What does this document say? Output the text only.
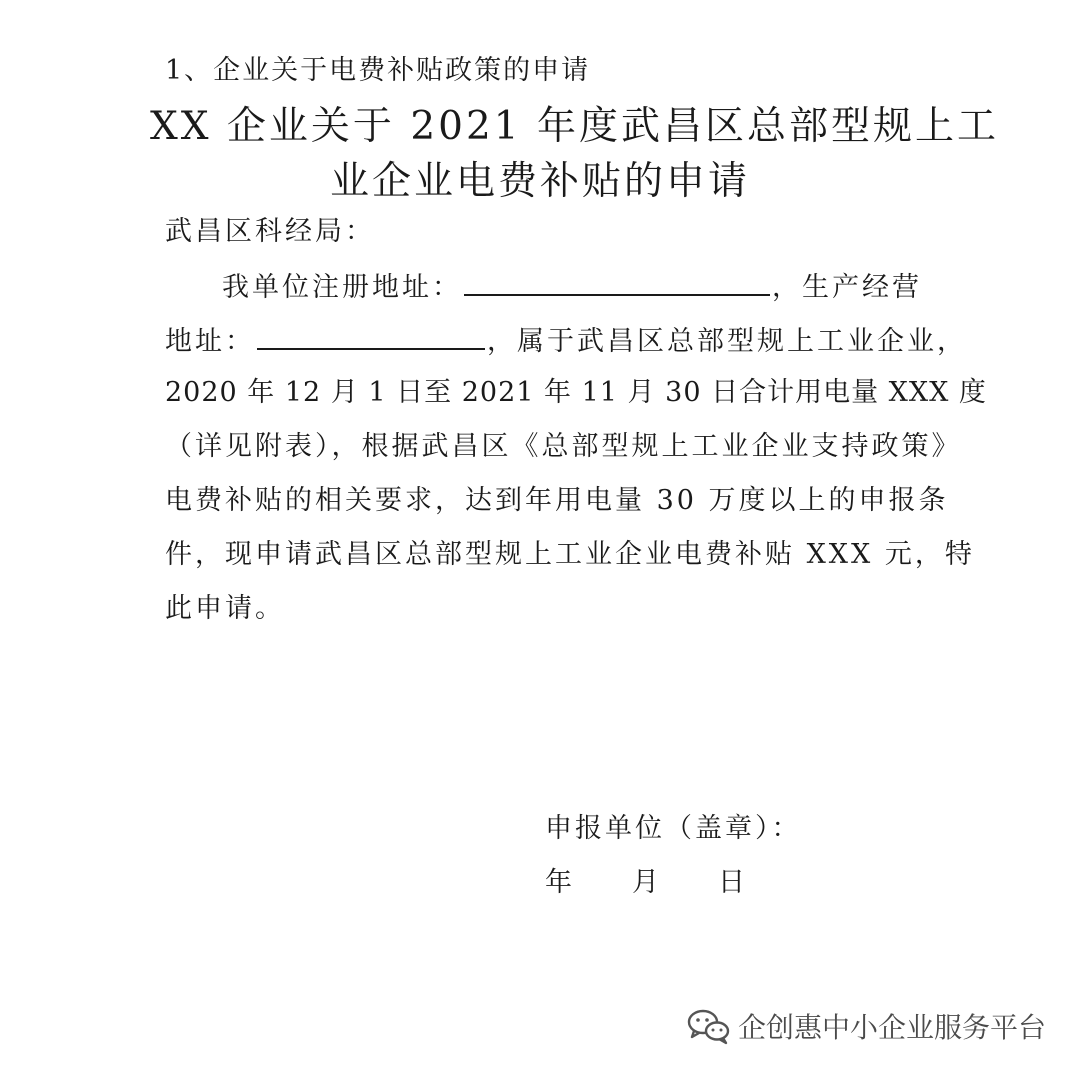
1、企业关于电费补贴政策的申请
XX 企业关于 2021 年度武昌区总部型规上工
业企业电费补贴的申请
武昌区科经局：
我单位注册地址：	，生产经营
地址：	，属于武昌区总部型规上工业企业，
2020 年 12 月 1 日至 2021 年 11 月 30 日合计用电量 XXX 度
（详见附表），根据武昌区《总部型规上工业企业支持政策》
电费补贴的相关要求，达到年用电量 30 万度以上的申报条
件，现申请武昌区总部型规上工业企业电费补贴 XXX 元，特
此申请。
申报单位（盖章）：
年 月 日
企创惠中小企业服务平台
